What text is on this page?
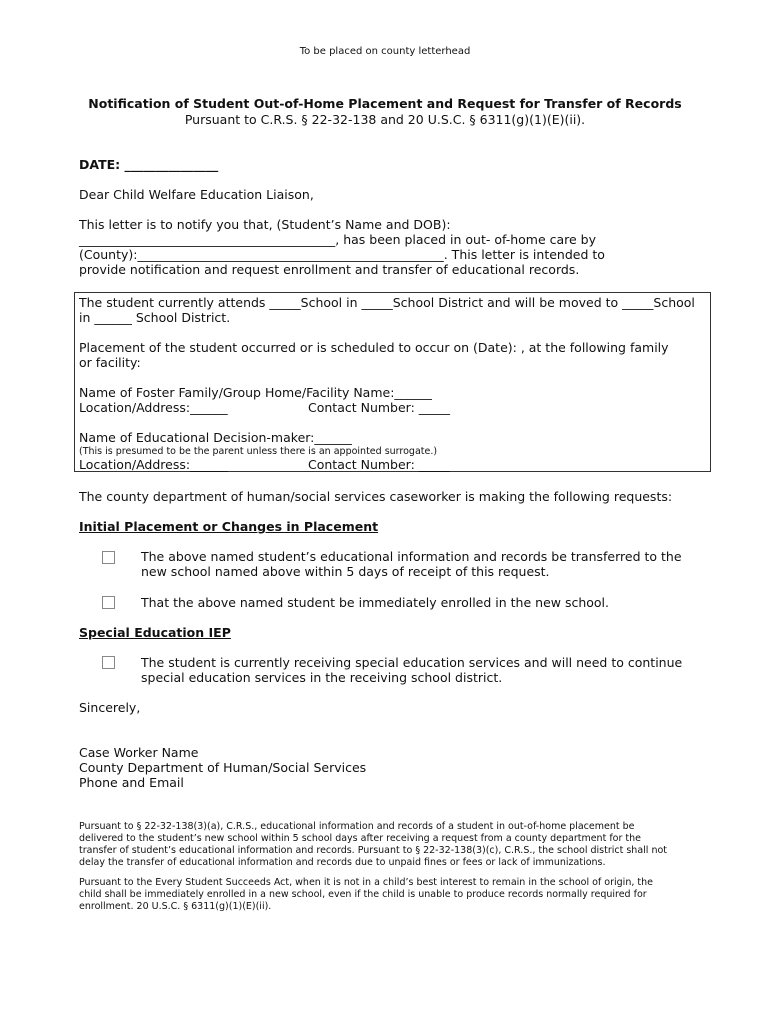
To be placed on county letterhead
Notification of Student Out-of-Home Placement and Request for Transfer of Records
Pursuant to C.R.S. § 22-32-138 and 20 U.S.C. § 6311(g)(1)(E)(ii).
DATE: _______________
Dear Child Welfare Education Liaison,
This letter is to notify you that, (Student’s Name and DOB):
_________________________________________, has been placed in out- of-home care by
(County):_________________________________________________. This letter is intended to
provide notification and request enrollment and transfer of educational records.
The student currently attends _____School in _____School District and will be moved to _____School
in ______ School District.
Placement of the student occurred or is scheduled to occur on (Date): , at the following family
or facility:
Name of Foster Family/Group Home/Facility Name:______
Location/Address:______	Contact Number: _____
Name of Educational Decision-maker:______
(This is presumed to be the parent unless there is an appointed surrogate.)
Location/Address:______	Contact Number: _____
The county department of human/social services caseworker is making the following requests:
Initial Placement or Changes in Placement
The above named student’s educational information and records be transferred to the
new school named above within 5 days of receipt of this request.
That the above named student be immediately enrolled in the new school.
Special Education IEP
The student is currently receiving special education services and will need to continue
special education services in the receiving school district.
Sincerely,
Case Worker Name
County Department of Human/Social Services
Phone and Email
Pursuant to § 22-32-138(3)(a), C.R.S., educational information and records of a student in out-of-home placement be
delivered to the student’s new school within 5 school days after receiving a request from a county department for the
transfer of student’s educational information and records. Pursuant to § 22-32-138(3)(c), C.R.S., the school district shall not
delay the transfer of educational information and records due to unpaid fines or fees or lack of immunizations.
Pursuant to the Every Student Succeeds Act, when it is not in a child’s best interest to remain in the school of origin, the
child shall be immediately enrolled in a new school, even if the child is unable to produce records normally required for
enrollment. 20 U.S.C. § 6311(g)(1)(E)(ii).
